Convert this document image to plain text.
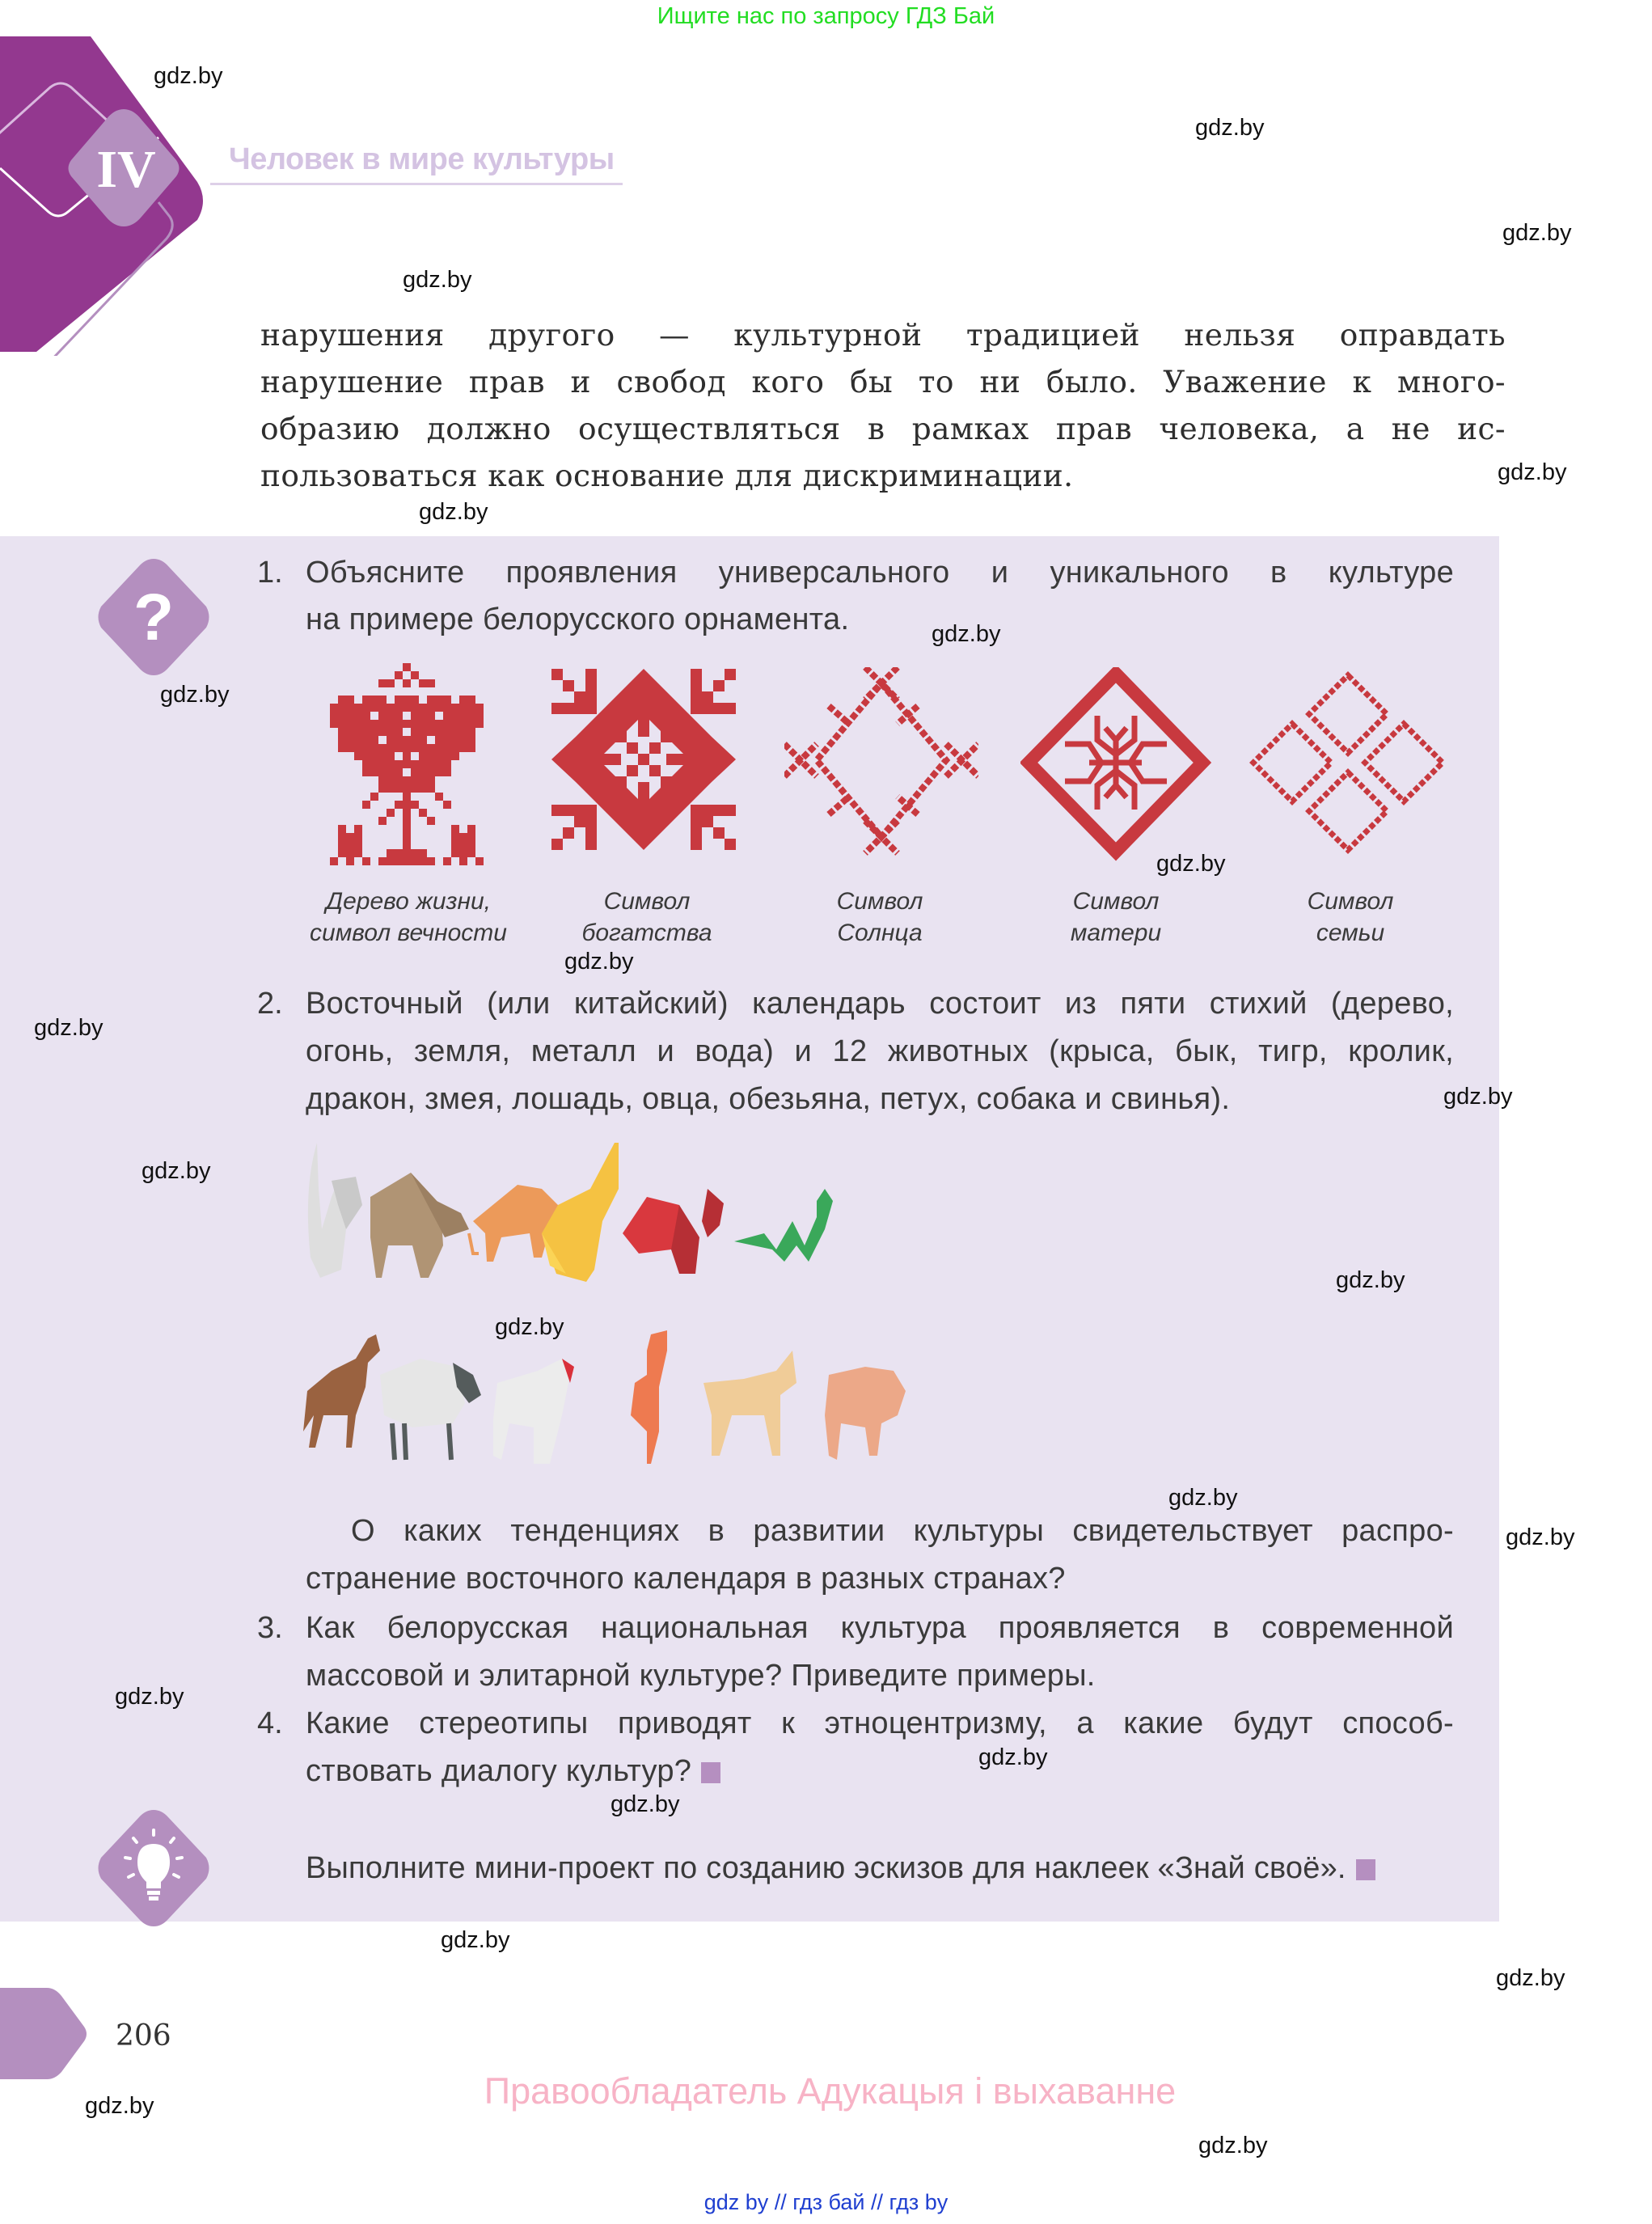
Ищите нас по запросу ГДЗ Бай
IV	Человек в мире культуры
нарушения другого — культурной традицией нельзя оправдать
нарушение прав и свобод кого бы то ни было. Уважение к много-
образию должно осуществляться в рамках прав человека, а не ис-
пользоваться как основание для дискриминации.
?
1. Объясните проявления универсального и уникального в культуре
на примере белорусского орнамента.
Дерево жизни,
символ вечности
Символ
богатства
Символ
Солнца
Символ
матери
Символ
семьи
2. Восточный (или китайский) календарь состоит из пяти стихий (дерево,
огонь, земля, металл и вода) и 12 животных (крыса, бык, тигр, кролик,
дракон, змея, лошадь, овца, обезьяна, петух, собака и свинья).
О каких тенденциях в развитии культуры свидетельствует распро-
странение восточного календаря в разных странах?
3. Как белорусская национальная культура проявляется в современной
массовой и элитарной культуре? Приведите примеры.
4. Какие стереотипы приводят к этноцентризму, а какие будут способ-
ствовать диалогу культур?
Выполните мини-проект по созданию эскизов для наклеек «Знай своё».
206
Правообладатель Адукацыя і выхаванне
gdz by // гдз бай // гдз by
gdz.by
gdz.by
gdz.by
gdz.by
gdz.by
gdz.by
gdz.by
gdz.by
gdz.by
gdz.by
gdz.by
gdz.by
gdz.by
gdz.by
gdz.by
gdz.by
gdz.by
gdz.by
gdz.by
gdz.by
gdz.by
gdz.by
gdz.by
gdz.by
